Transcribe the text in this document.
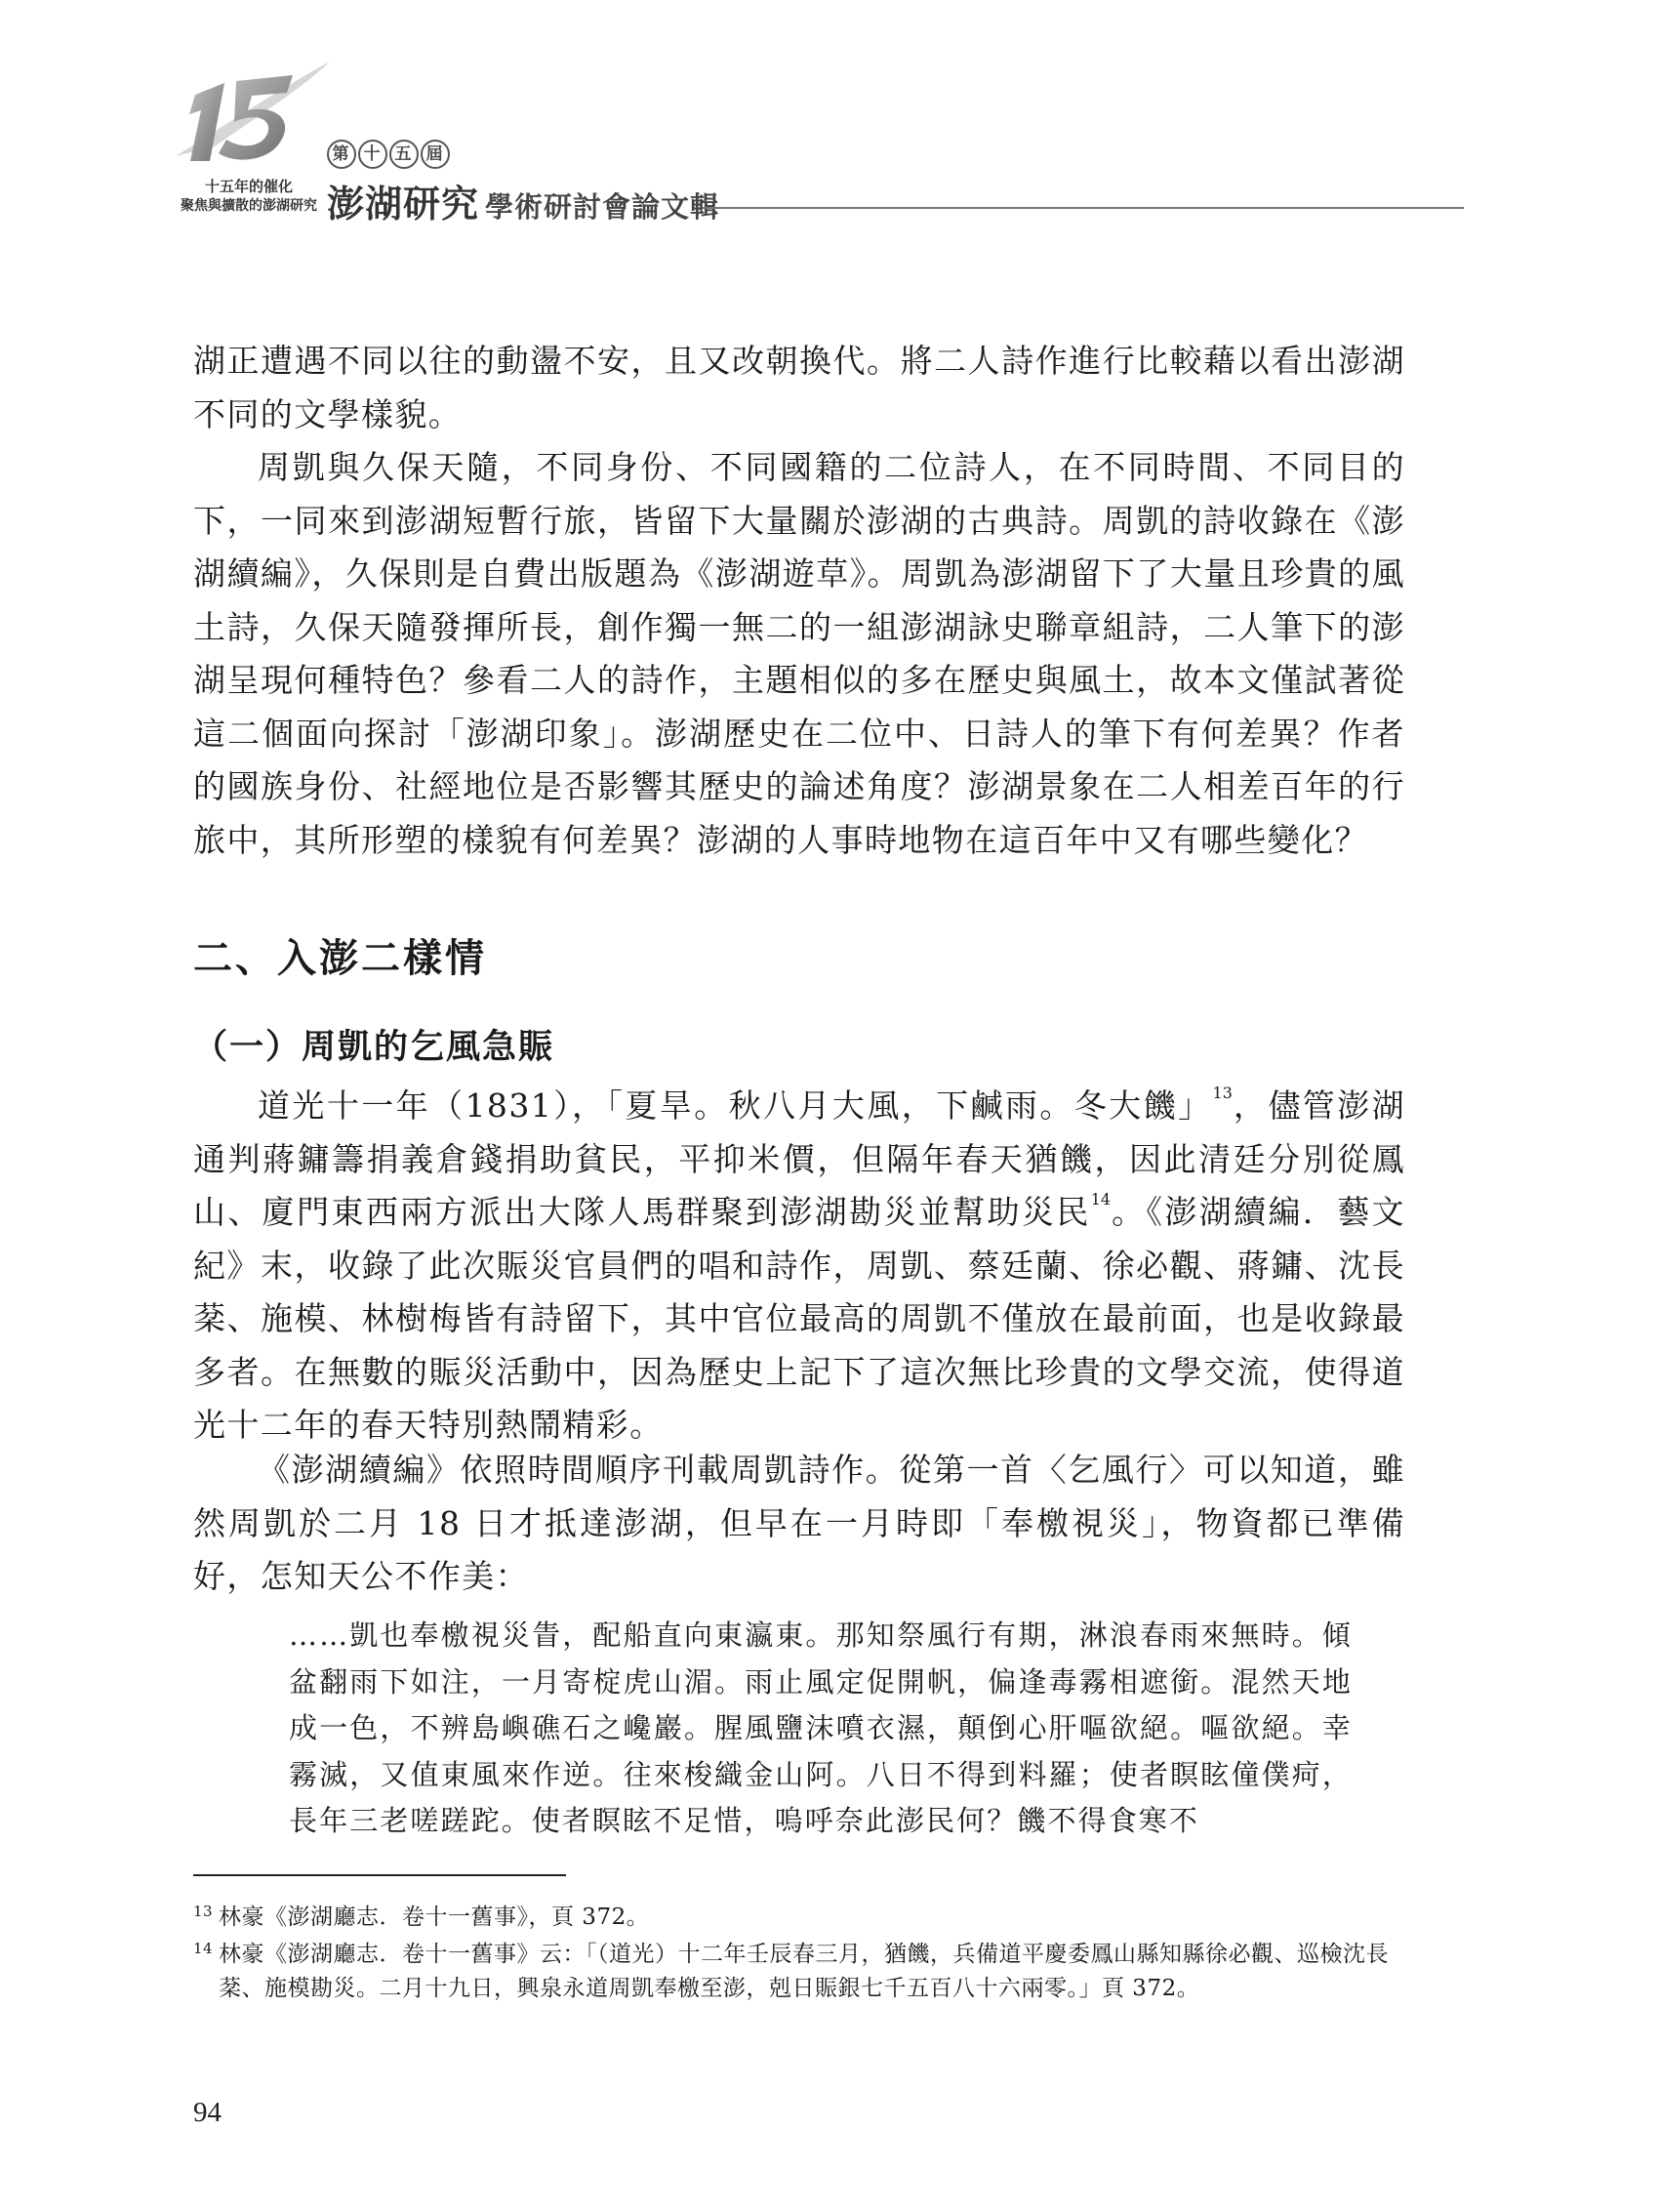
十五年的催化
聚焦與擴散的澎湖研究
第 十 五 屆
澎湖研究 學術研討會論文輯

湖正遭遇不同以往的動盪不安，且又改朝換代。將二人詩作進行比較藉以看出澎湖不同的文學樣貌。

周凱與久保天隨，不同身份、不同國籍的二位詩人，在不同時間、不同目的下，一同來到澎湖短暫行旅，皆留下大量關於澎湖的古典詩。周凱的詩收錄在《澎湖續編》，久保則是自費出版題為《澎湖遊草》。周凱為澎湖留下了大量且珍貴的風土詩，久保天隨發揮所長，創作獨一無二的一組澎湖詠史聯章組詩，二人筆下的澎湖呈現何種特色？參看二人的詩作，主題相似的多在歷史與風土，故本文僅試著從這二個面向探討「澎湖印象」。澎湖歷史在二位中、日詩人的筆下有何差異？作者的國族身份、社經地位是否影響其歷史的論述角度？澎湖景象在二人相差百年的行旅中，其所形塑的樣貌有何差異？澎湖的人事時地物在這百年中又有哪些變化？

二、入澎二樣情
（一）周凱的乞風急賑

道光十一年（1831），「夏旱。秋八月大風，下鹹雨。冬大饑」$^{13}$，儘管澎湖通判蔣鏞籌捐義倉錢捐助貧民，平抑米價，但隔年春天猶饑，因此清廷分別從鳳山、廈門東西兩方派出大隊人馬群聚到澎湖勘災並幫助災民$^{14}$。《澎湖續編．藝文紀》末，收錄了此次賑災官員們的唱和詩作，周凱、蔡廷蘭、徐必觀、蔣鏞、沈長棻、施模、林樹梅皆有詩留下，其中官位最高的周凱不僅放在最前面，也是收錄最多者。在無數的賑災活動中，因為歷史上記下了這次無比珍貴的文學交流，使得道光十二年的春天特別熱鬧精彩。

《澎湖續編》依照時間順序刊載周凱詩作。從第一首〈乞風行〉可以知道，雖然周凱於二月 18 日才抵達澎湖，但早在一月時即「奉檄視災」，物資都已準備好，怎知天公不作美：

……凱也奉檄視災眚，配船直向東瀛東。那知祭風行有期，淋浪春雨來無時。傾盆翻雨下如注，一月寄椗虎山湄。雨止風定促開帆，偏逢毒霧相遮銜。混然天地成一色，不辨島嶼礁石之巉巖。腥風鹽沫噴衣濕，顛倒心肝嘔欲絕。嘔欲絕。幸霧滅，又值東風來作逆。往來梭織金山阿。八日不得到料羅；使者瞑眩僮僕疴，長年三老嗟蹉跎。使者瞑眩不足惜，嗚呼奈此澎民何？饑不得食寒不

13 林豪《澎湖廳志．卷十一舊事》，頁 372。
14 林豪《澎湖廳志．卷十一舊事》云：「（道光）十二年壬辰春三月，猶饑，兵備道平慶委鳳山縣知縣徐必觀、巡檢沈長棻、施模勘災。二月十九日，興泉永道周凱奉檄至澎，剋日賑銀七千五百八十六兩零。」頁 372。
94
